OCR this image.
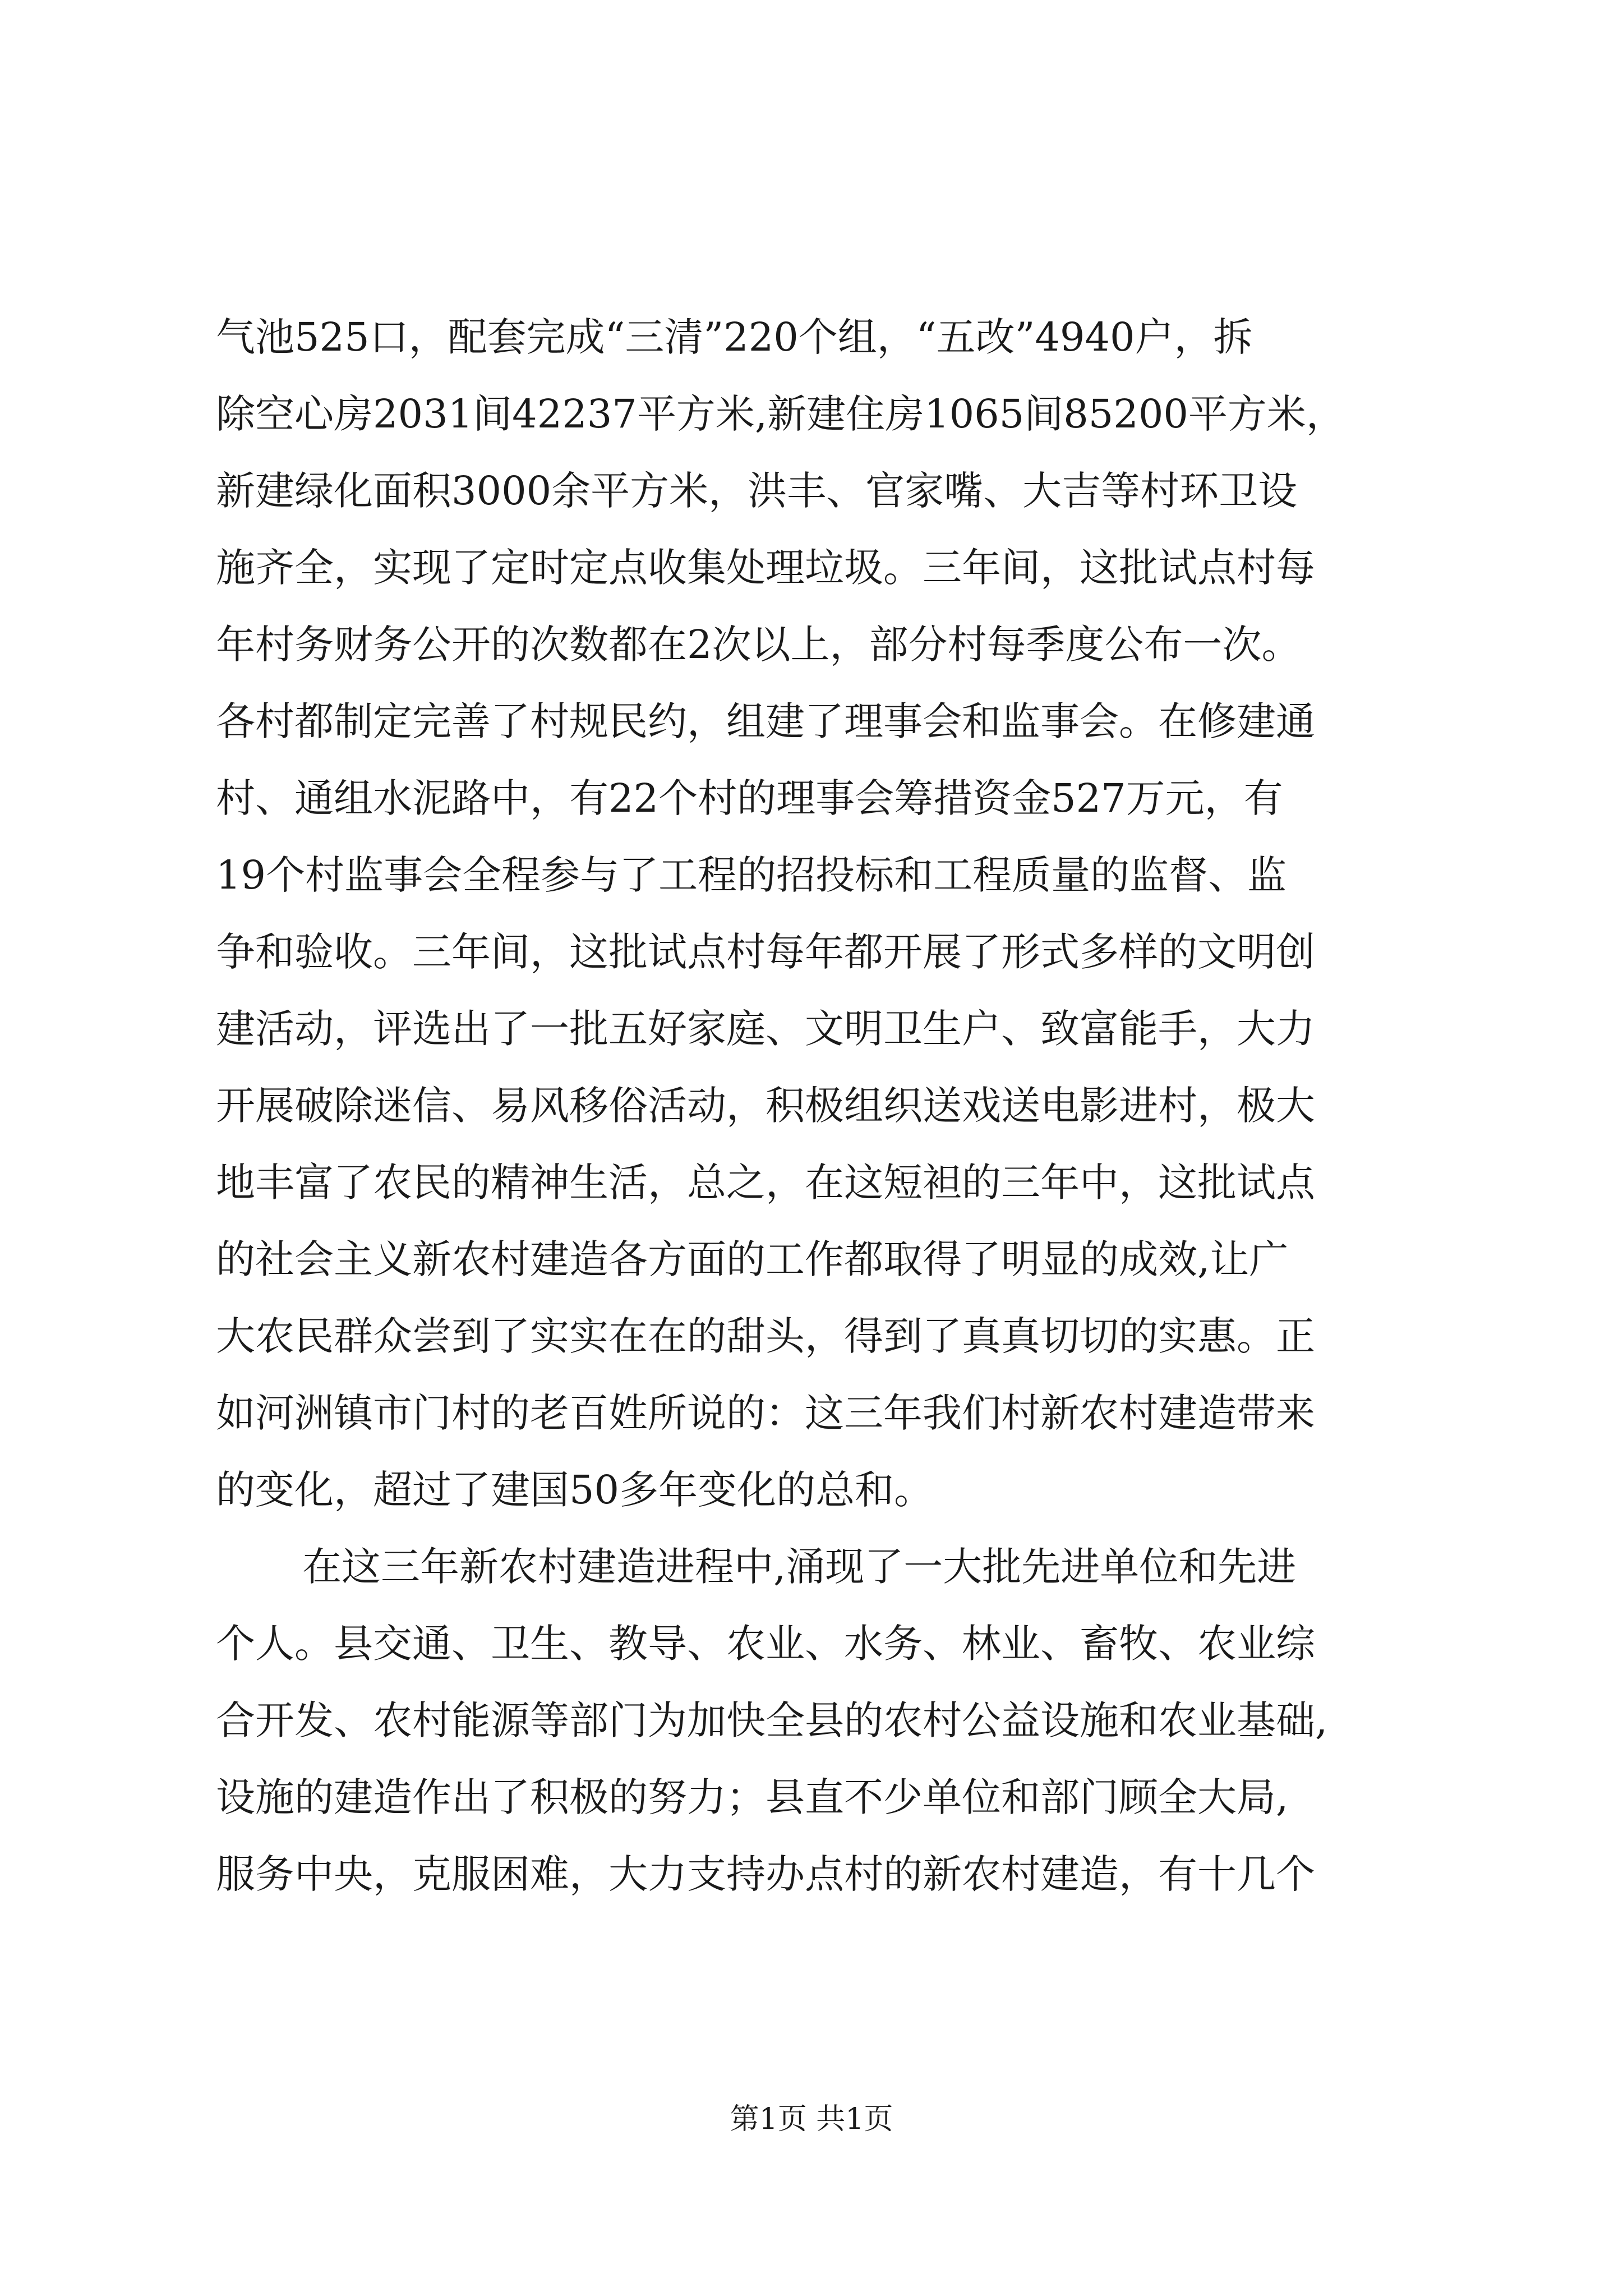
气池525口，配套完成“三清”220个组，“五改”4940户，拆
除空心房2031间42237平方米,新建住房1065间85200平方米，
新建绿化面积3000余平方米，洪丰、官家嘴、大吉等村环卫设
施齐全，实现了定时定点收集处理垃圾。三年间，这批试点村每
年村务财务公开的次数都在2次以上，部分村每季度公布一次。
各村都制定完善了村规民约，组建了理事会和监事会。在修建通
村、通组水泥路中，有22个村的理事会筹措资金527万元，有
19个村监事会全程参与了工程的招投标和工程质量的监督、监
争和验收。三年间，这批试点村每年都开展了形式多样的文明创
建活动，评选出了一批五好家庭、文明卫生户、致富能手，大力
开展破除迷信、易风移俗活动，积极组织送戏送电影进村，极大
地丰富了农民的精神生活，总之，在这短袒的三年中，这批试点
的社会主义新农村建造各方面的工作都取得了明显的成效,让广
大农民群众尝到了实实在在的甜头，得到了真真切切的实惠。正
如河洲镇市门村的老百姓所说的：这三年我们村新农村建造带来
的变化，超过了建国50多年变化的总和。
在这三年新农村建造进程中,涌现了一大批先进单位和先进
个人。县交通、卫生、教导、农业、水务、林业、畜牧、农业综
合开发、农村能源等部门为加快全县的农村公益设施和农业基础,
设施的建造作出了积极的努力；县直不少单位和部门顾全大局,
服务中央，克服困难，大力支持办点村的新农村建造，有十几个
第1页 共1页
